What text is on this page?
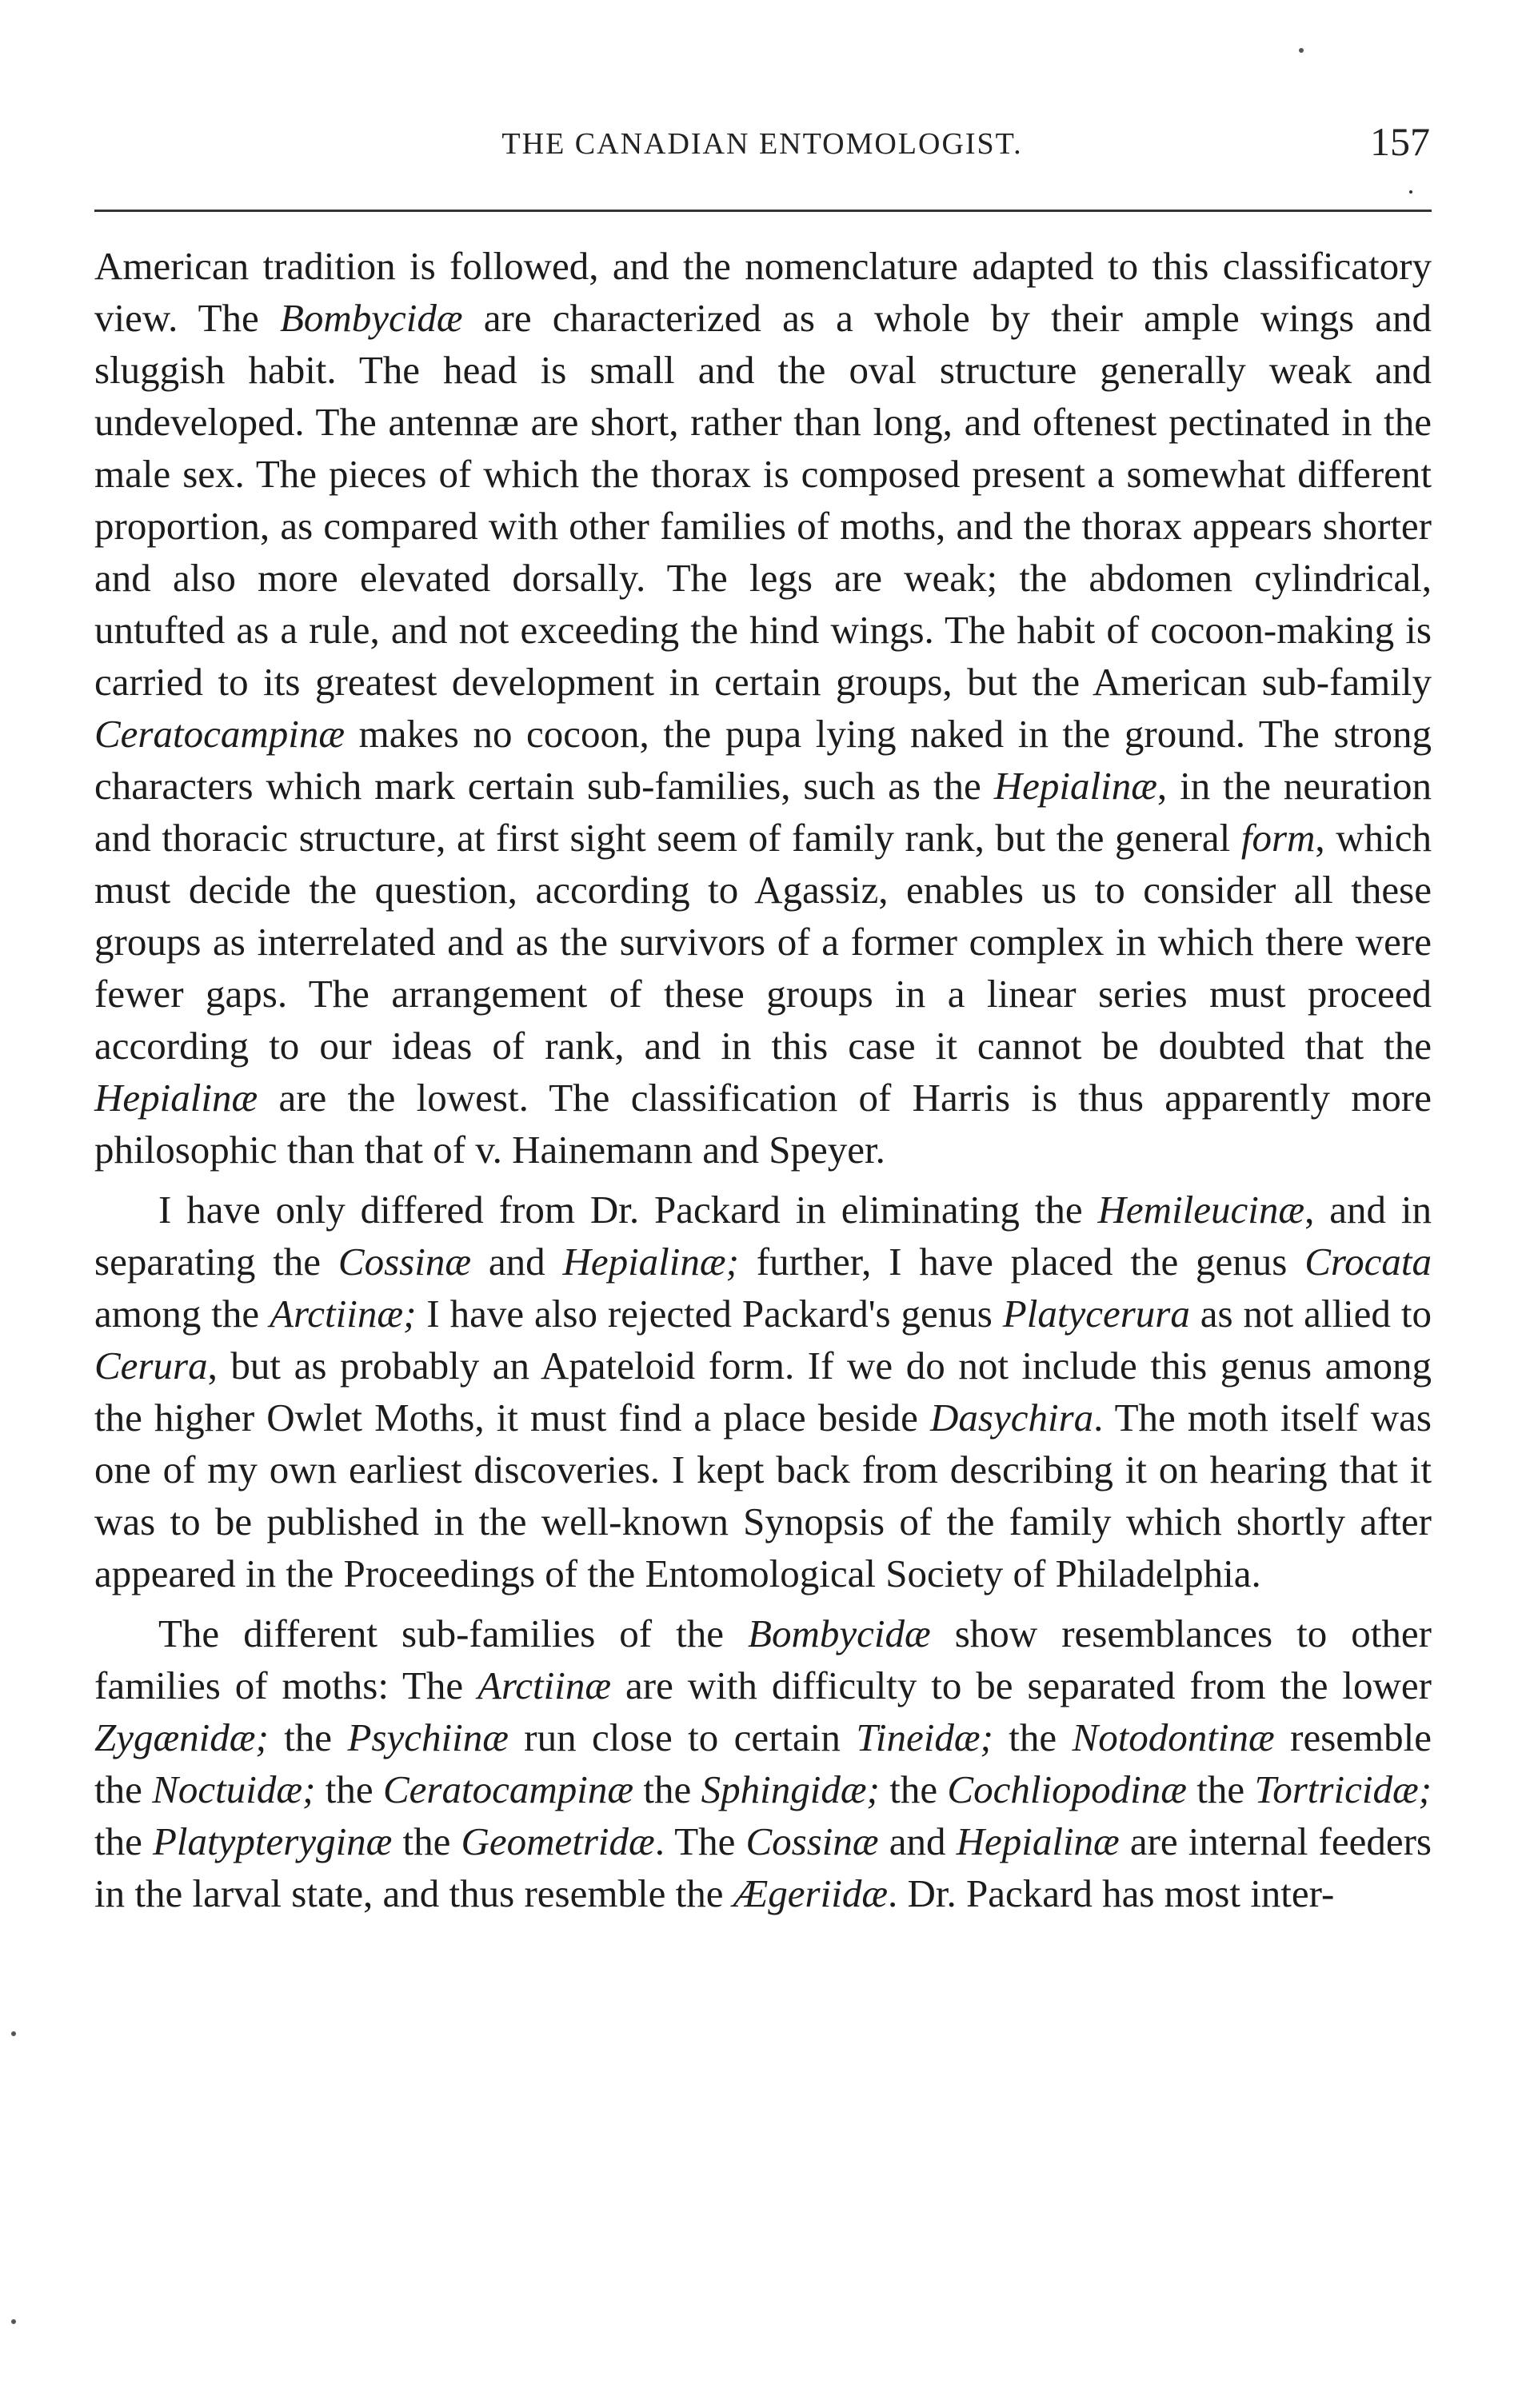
THE CANADIAN ENTOMOLOGIST.	157

American tradition is followed, and the nomenclature adapted to this classificatory view. The Bombycidæ are characterized as a whole by their ample wings and sluggish habit. The head is small and the oval structure generally weak and undeveloped. The antennæ are short, rather than long, and oftenest pectinated in the male sex. The pieces of which the thorax is composed present a somewhat different proportion, as compared with other families of moths, and the thorax appears shorter and also more elevated dorsally. The legs are weak; the abdomen cylindrical, untufted as a rule, and not exceeding the hind wings. The habit of cocoon-making is carried to its greatest development in certain groups, but the American sub-family Ceratocampinæ makes no cocoon, the pupa lying naked in the ground. The strong characters which mark certain sub-families, such as the Hepialinæ, in the neuration and thoracic structure, at first sight seem of family rank, but the general form, which must decide the question, according to Agassiz, enables us to consider all these groups as interrelated and as the survivors of a former complex in which there were fewer gaps. The arrangement of these groups in a linear series must proceed according to our ideas of rank, and in this case it cannot be doubted that the Hepialinæ are the lowest. The classification of Harris is thus apparently more philosophic than that of v. Hainemann and Speyer.

I have only differed from Dr. Packard in eliminating the Hemileucinæ, and in separating the Cossinæ and Hepialinæ; further, I have placed the genus Crocata among the Arctiinæ; I have also rejected Packard's genus Platycerura as not allied to Cerura, but as probably an Apateloid form. If we do not include this genus among the higher Owlet Moths, it must find a place beside Dasychira. The moth itself was one of my own earliest discoveries. I kept back from describing it on hearing that it was to be published in the well-known Synopsis of the family which shortly after appeared in the Proceedings of the Entomological Society of Philadelphia.

The different sub-families of the Bombycidæ show resemblances to other families of moths: The Arctiinæ are with difficulty to be separated from the lower Zygænidæ; the Psychiinæ run close to certain Tineidæ; the Notodontinæ resemble the Noctuidæ; the Ceratocampinæ the Sphingidæ; the Cochliopodinæ the Tortricidæ; the Platypteryginæ the Geometridæ. The Cossinæ and Hepialinæ are internal feeders in the larval state, and thus resemble the Ægeriidæ. Dr. Packard has most inter-
